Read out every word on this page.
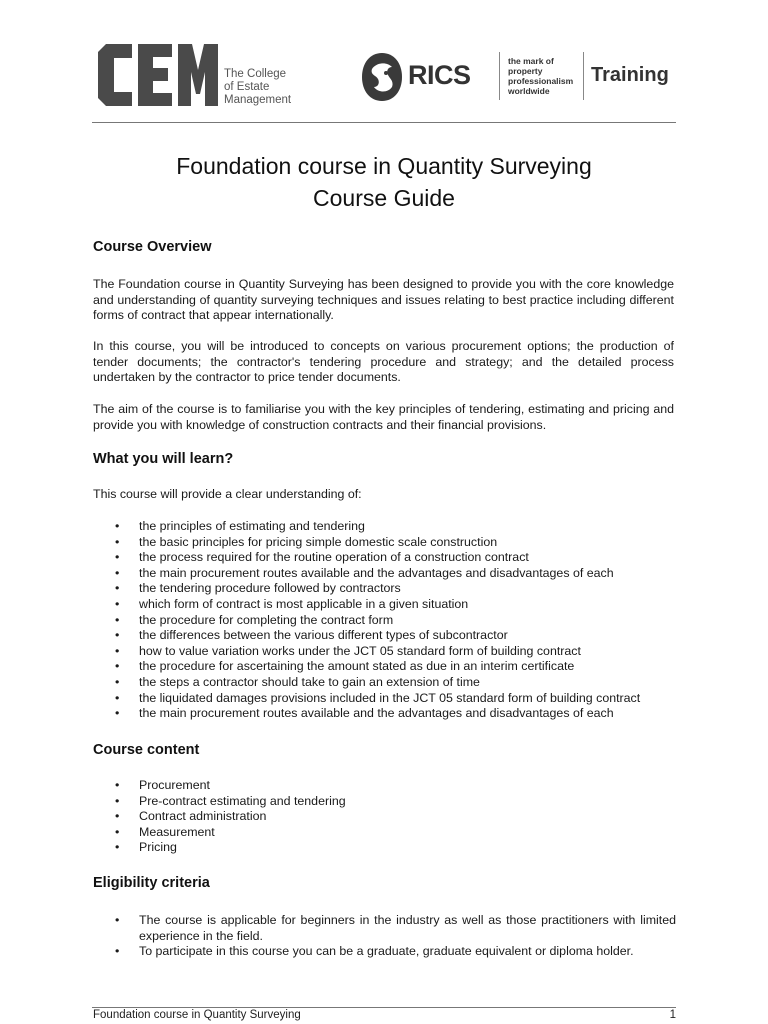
The College
of Estate
Management
RICS	the mark of
property
professionalism
worldwide
Training
Foundation course in Quantity Surveying
Course Guide
Course Overview
The Foundation course in Quantity Surveying has been designed to provide you with the core knowledge and understanding of quantity surveying techniques and issues relating to best practice including different forms of contract that appear internationally.
In this course, you will be introduced to concepts on various procurement options; the production of tender documents; the contractor's tendering procedure and strategy; and the detailed process undertaken by the contractor to price tender documents.
The aim of the course is to familiarise you with the key principles of tendering, estimating and pricing and provide you with knowledge of construction contracts and their financial provisions.
What you will learn?
This course will provide a clear understanding of:
• the principles of estimating and tendering
• the basic principles for pricing simple domestic scale construction
• the process required for the routine operation of a construction contract
• the main procurement routes available and the advantages and disadvantages of each
• the tendering procedure followed by contractors
• which form of contract is most applicable in a given situation
• the procedure for completing the contract form
• the differences between the various different types of subcontractor
• how to value variation works under the JCT 05 standard form of building contract
• the procedure for ascertaining the amount stated as due in an interim certificate
• the steps a contractor should take to gain an extension of time
• the liquidated damages provisions included in the JCT 05 standard form of building contract
• the main procurement routes available and the advantages and disadvantages of each
Course content
• Procurement
• Pre-contract estimating and tendering
• Contract administration
• Measurement
• Pricing
Eligibility criteria
• The course is applicable for beginners in the industry as well as those practitioners with limited experience in the field.
• To participate in this course you can be a graduate, graduate equivalent or diploma holder.
Foundation course in Quantity Surveying	1
